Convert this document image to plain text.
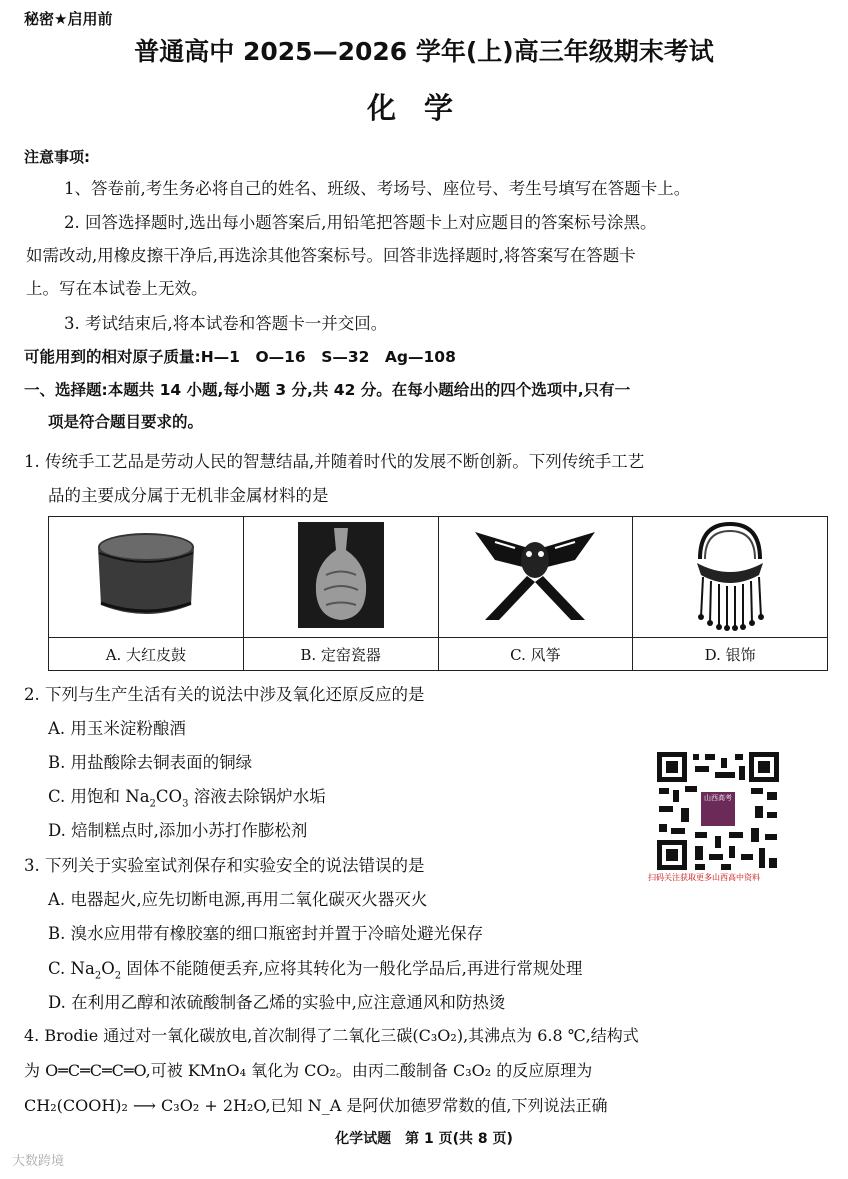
秘密★启用前
普通高中 2025—2026 学年(上)高三年级期末考试
化学
注意事项:
1、答卷前,考生务必将自己的姓名、班级、考场号、座位号、考生号填写在答题卡上。
2. 回答选择题时,选出每小题答案后,用铅笔把答题卡上对应题目的答案标号涂黑。
如需改动,用橡皮擦干净后,再选涂其他答案标号。回答非选择题时,将答案写在答题卡
上。写在本试卷上无效。
3. 考试结束后,将本试卷和答题卡一并交回。
可能用到的相对原子质量:H—1　O—16　S—32　Ag—108
一、选择题:本题共 14 小题,每小题 3 分,共 42 分。在每小题给出的四个选项中,只有一
项是符合题目要求的。
1. 传统手工艺品是劳动人民的智慧结晶,并随着时代的发展不断创新。下列传统手工艺
品的主要成分属于无机非金属材料的是

A. 大红皮鼓	B. 定窑瓷器	C. 风筝	D. 银饰
2. 下列与生产生活有关的说法中涉及氧化还原反应的是
A. 用玉米淀粉酿酒
B. 用盐酸除去铜表面的铜绿
C. 用饱和 $Na_2CO_3$ 溶液去除锅炉水垢
D. 焙制糕点时,添加小苏打作膨松剂
山西高考
扫码关注获取更多山西高中资料
3. 下列关于实验室试剂保存和实验安全的说法错误的是
A. 电器起火,应先切断电源,再用二氧化碳灭火器灭火
B. 溴水应用带有橡胶塞的细口瓶密封并置于冷暗处避光保存
C. $Na_2O_2$ 固体不能随便丢弃,应将其转化为一般化学品后,再进行常规处理
D. 在利用乙醇和浓硫酸制备乙烯的实验中,应注意通风和防热烫
4. Brodie 通过对一氧化碳放电,首次制得了二氧化三碳(C₃O₂),其沸点为 6.8 ℃,结构式
为 O═C═C═C═O,可被 KMnO₄ 氧化为 CO₂。由丙二酸制备 C₃O₂ 的反应原理为
CH₂(COOH)₂ ⟶ C₃O₂ + 2H₂O,已知 N_A 是阿伏加德罗常数的值,下列说法正确
化学试题　第 1 页(共 8 页)
大数跨境
